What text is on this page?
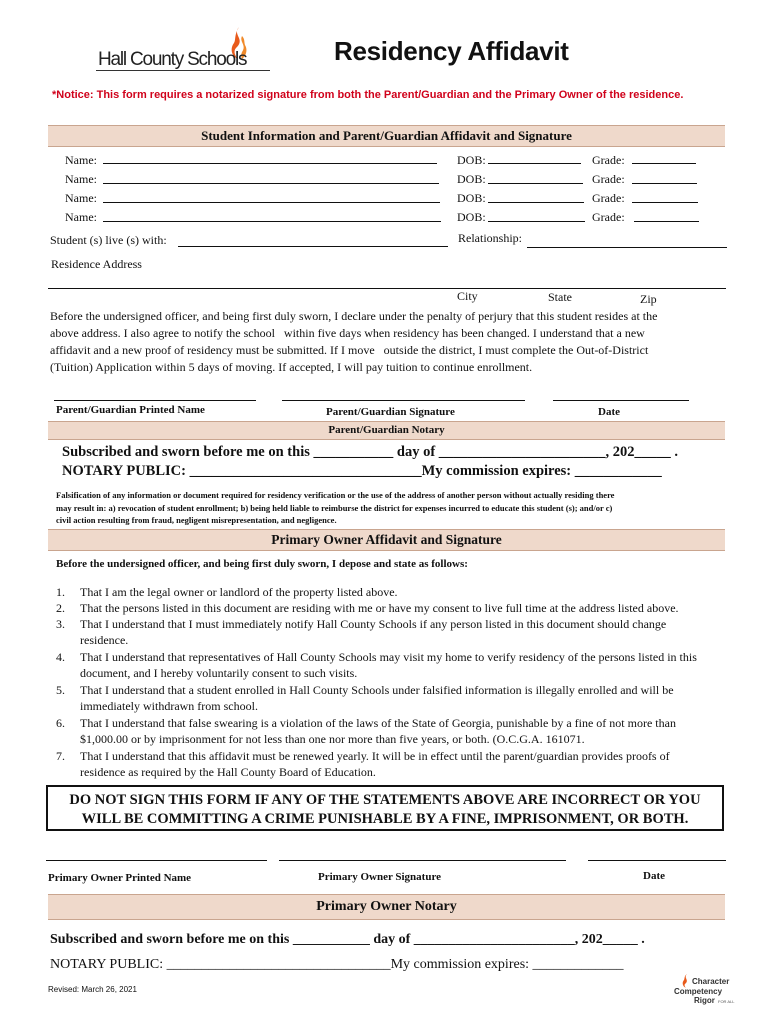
Hall County Schools	Residency Affidavit
*Notice: This form requires a notarized signature from both the Parent/Guardian and the Primary Owner of the residence.
Student Information and Parent/Guardian Affidavit and Signature
Name:	DOB:	Grade:
Name:	DOB:	Grade:
Name:	DOB:	Grade:
Name:	DOB:	Grade:
Student (s) live (s) with:	Relationship:
Residence Address
City	State	Zip
Before the undersigned officer, and being first duly sworn, I declare under the penalty of perjury that this student resides at the
above address. I also agree to notify the school   within five days when residency has been changed. I understand that a new
affidavit and a new proof of residency must be submitted. If I move   outside the district, I must complete the Out-of-District
(Tuition) Application within 5 days of moving. If accepted, I will pay tuition to continue enrollment.
Parent/Guardian Printed Name	Parent/Guardian Signature	Date
Parent/Guardian Notary
Subscribed and sworn before me on this ___________ day of _______________________, 202_____ .
NOTARY PUBLIC: ________________________________My commission expires: ____________
Falsification of any information or document required for residency verification or the use of the address of another person without actually residing there
may result in: a) revocation of student enrollment; b) being held liable to reimburse the district for expenses incurred to educate this student (s); and/or c)
civil action resulting from fraud, negligent misrepresentation, and negligence.
Primary Owner Affidavit and Signature
Before the undersigned officer, and being first duly sworn, I depose and state as follows:
1. That I am the legal owner or landlord of the property listed above.
2. That the persons listed in this document are residing with me or have my consent to live full time at the address listed above.
3. That I understand that I must immediately notify Hall County Schools if any person listed in this document should change residence.
4. That I understand that representatives of Hall County Schools may visit my home to verify residency of the persons listed in this document, and I hereby voluntarily consent to such visits.
5. That I understand that a student enrolled in Hall County Schools under falsified information is illegally enrolled and will be immediately withdrawn from school.
6. That I understand that false swearing is a violation of the laws of the State of Georgia, punishable by a fine of not more than $1,000.00 or by imprisonment for not less than one nor more than five years, or both. (O.C.G.A. 161071.
7. That I understand that this affidavit must be renewed yearly. It will be in effect until the parent/guardian provides proofs of residence as required by the Hall County Board of Education.
DO NOT SIGN THIS FORM IF ANY OF THE STATEMENTS ABOVE ARE INCORRECT OR YOU WILL BE COMMITTING A CRIME PUNISHABLE BY A FINE, IMPRISONMENT, OR BOTH.
Primary Owner Printed Name	Primary Owner Signature	Date
Primary Owner Notary
Subscribed and sworn before me on this ___________ day of _______________________, 202_____ .
NOTARY PUBLIC: ________________________________My commission expires: _____________
Revised: March 26, 2021
Character
Competency
Rigor FOR ALL
